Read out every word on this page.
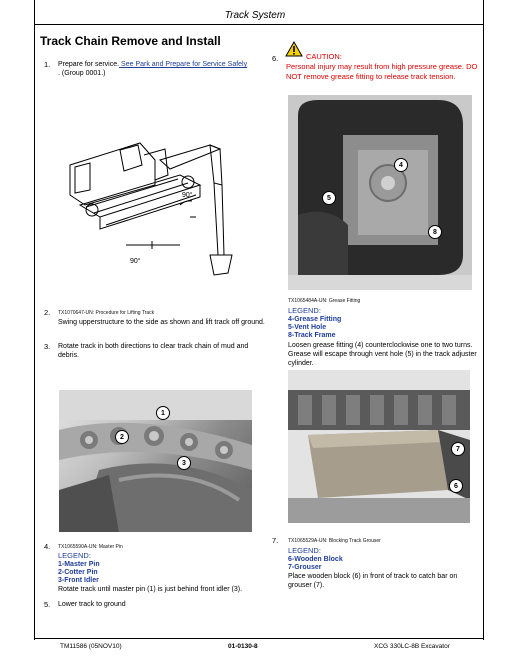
Track System
Track Chain Remove and Install
1. Prepare for service. See Park and Prepare for Service Safely
. (Group 0001.)
90°
90°
2. TX1070647-UN: Procedure for Lifting Track
Swing upperstructure to the side as shown and lift track off ground.
3. Rotate track in both directions to clear track chain of mud and debris.
1
2
3
4. TX1065590A-UN: Master Pin
LEGEND:
1-Master Pin
2-Cotter Pin
3-Front Idler
Rotate track until master pin (1) is just behind front idler (3).
5. Lower track to ground
6.	CAUTION:
Personal injury may result from high pressure grease. DO NOT remove grease fitting to release track tension.
4
5
8
TX1065484A-UN: Grease Fitting
LEGEND:
4-Grease Fitting
5-Vent Hole
8-Track Frame
Loosen grease fitting (4) counterclockwise one to two turns. Grease will escape through vent hole (5) in the track adjuster cylinder.
7
6
7. TX1065529A-UN: Blocking Track Grouser
LEGEND:
6-Wooden Block
7-Grouser
Place wooden block (6) in front of track to catch bar on grouser (7).
TM11586 (05NOV10)	01-0130-8	XCG 330LC-8B Excavator
